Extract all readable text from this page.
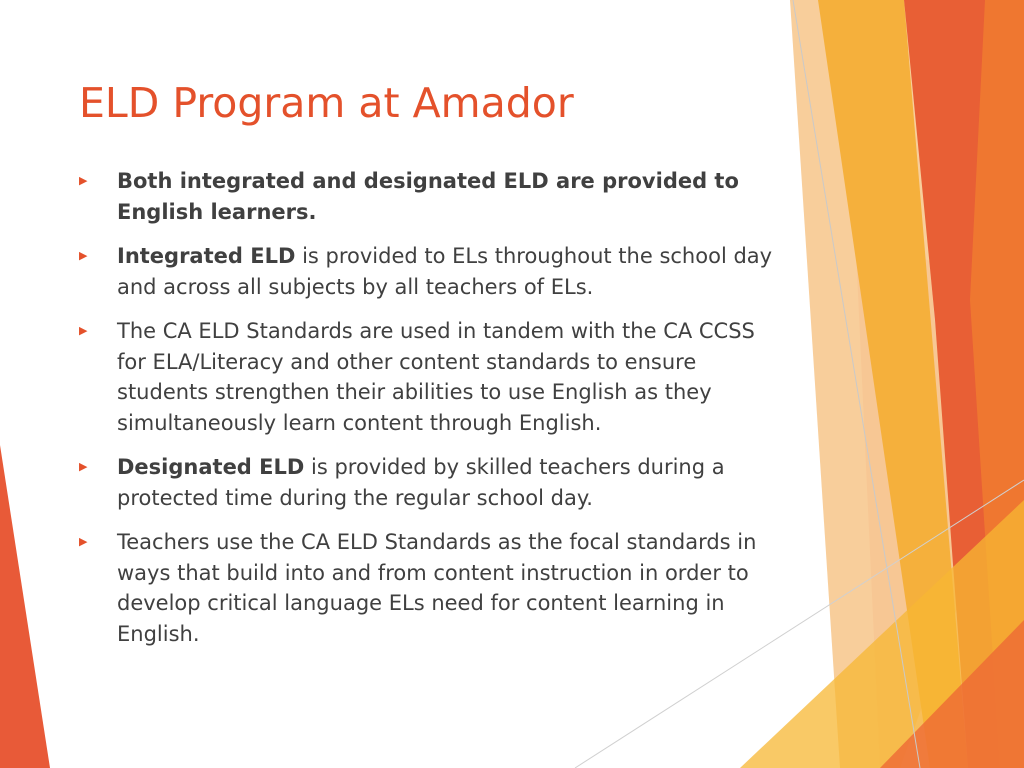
ELD Program at Amador
▶	Both integrated and designated ELD are provided to English learners.
▶	Integrated ELD is provided to ELs throughout the school day and across all subjects by all teachers of ELs.
▶	The CA ELD Standards are used in tandem with the CA CCSS for ELA/Literacy and other content standards to ensure students strengthen their abilities to use English as they simultaneously learn content through English.
▶	Designated ELD is provided by skilled teachers during a protected time during the regular school day.
▶	Teachers use the CA ELD Standards as the focal standards in ways that build into and from content instruction in order to develop critical language ELs need for content learning in English.
